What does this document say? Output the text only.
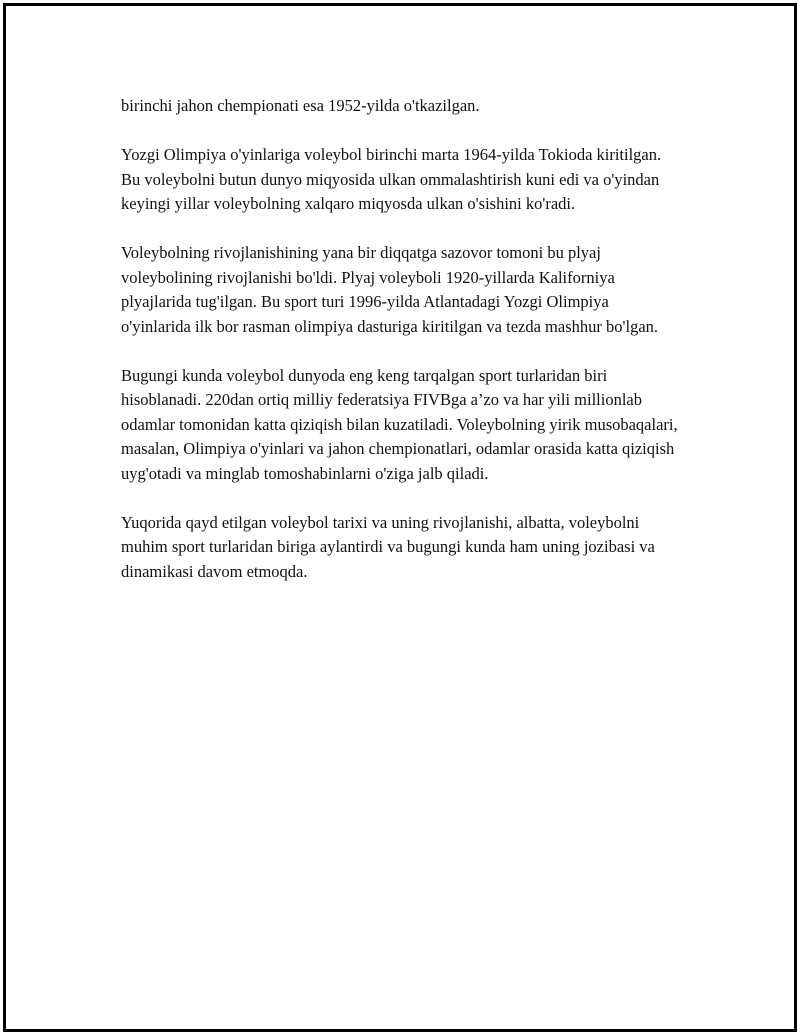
birinchi jahon chempionati esa 1952-yilda o'tkazilgan.

Yozgi Olimpiya o'yinlariga voleybol birinchi marta 1964-yilda Tokioda kiritilgan. Bu voleybolni butun dunyo miqyosida ulkan ommalashtirish kuni edi va o'yindan keyingi yillar voleybolning xalqaro miqyosda ulkan o'sishini ko'radi.

Voleybolning rivojlanishining yana bir diqqatga sazovor tomoni bu plyaj voleybolining rivojlanishi bo'ldi. Plyaj voleyboli 1920-yillarda Kaliforniya plyajlarida tug'ilgan. Bu sport turi 1996-yilda Atlantadagi Yozgi Olimpiya o'yinlarida ilk bor rasman olimpiya dasturiga kiritilgan va tezda mashhur bo'lgan.

Bugungi kunda voleybol dunyoda eng keng tarqalgan sport turlaridan biri hisoblanadi. 220dan ortiq milliy federatsiya FIVBga a’zo va har yili millionlab odamlar tomonidan katta qiziqish bilan kuzatiladi. Voleybolning yirik musobaqalari, masalan, Olimpiya o'yinlari va jahon chempionatlari, odamlar orasida katta qiziqish uyg'otadi va minglab tomoshabinlarni o'ziga jalb qiladi.

Yuqorida qayd etilgan voleybol tarixi va uning rivojlanishi, albatta, voleybolni muhim sport turlaridan biriga aylantirdi va bugungi kunda ham uning jozibasi va dinamikasi davom etmoqda.
